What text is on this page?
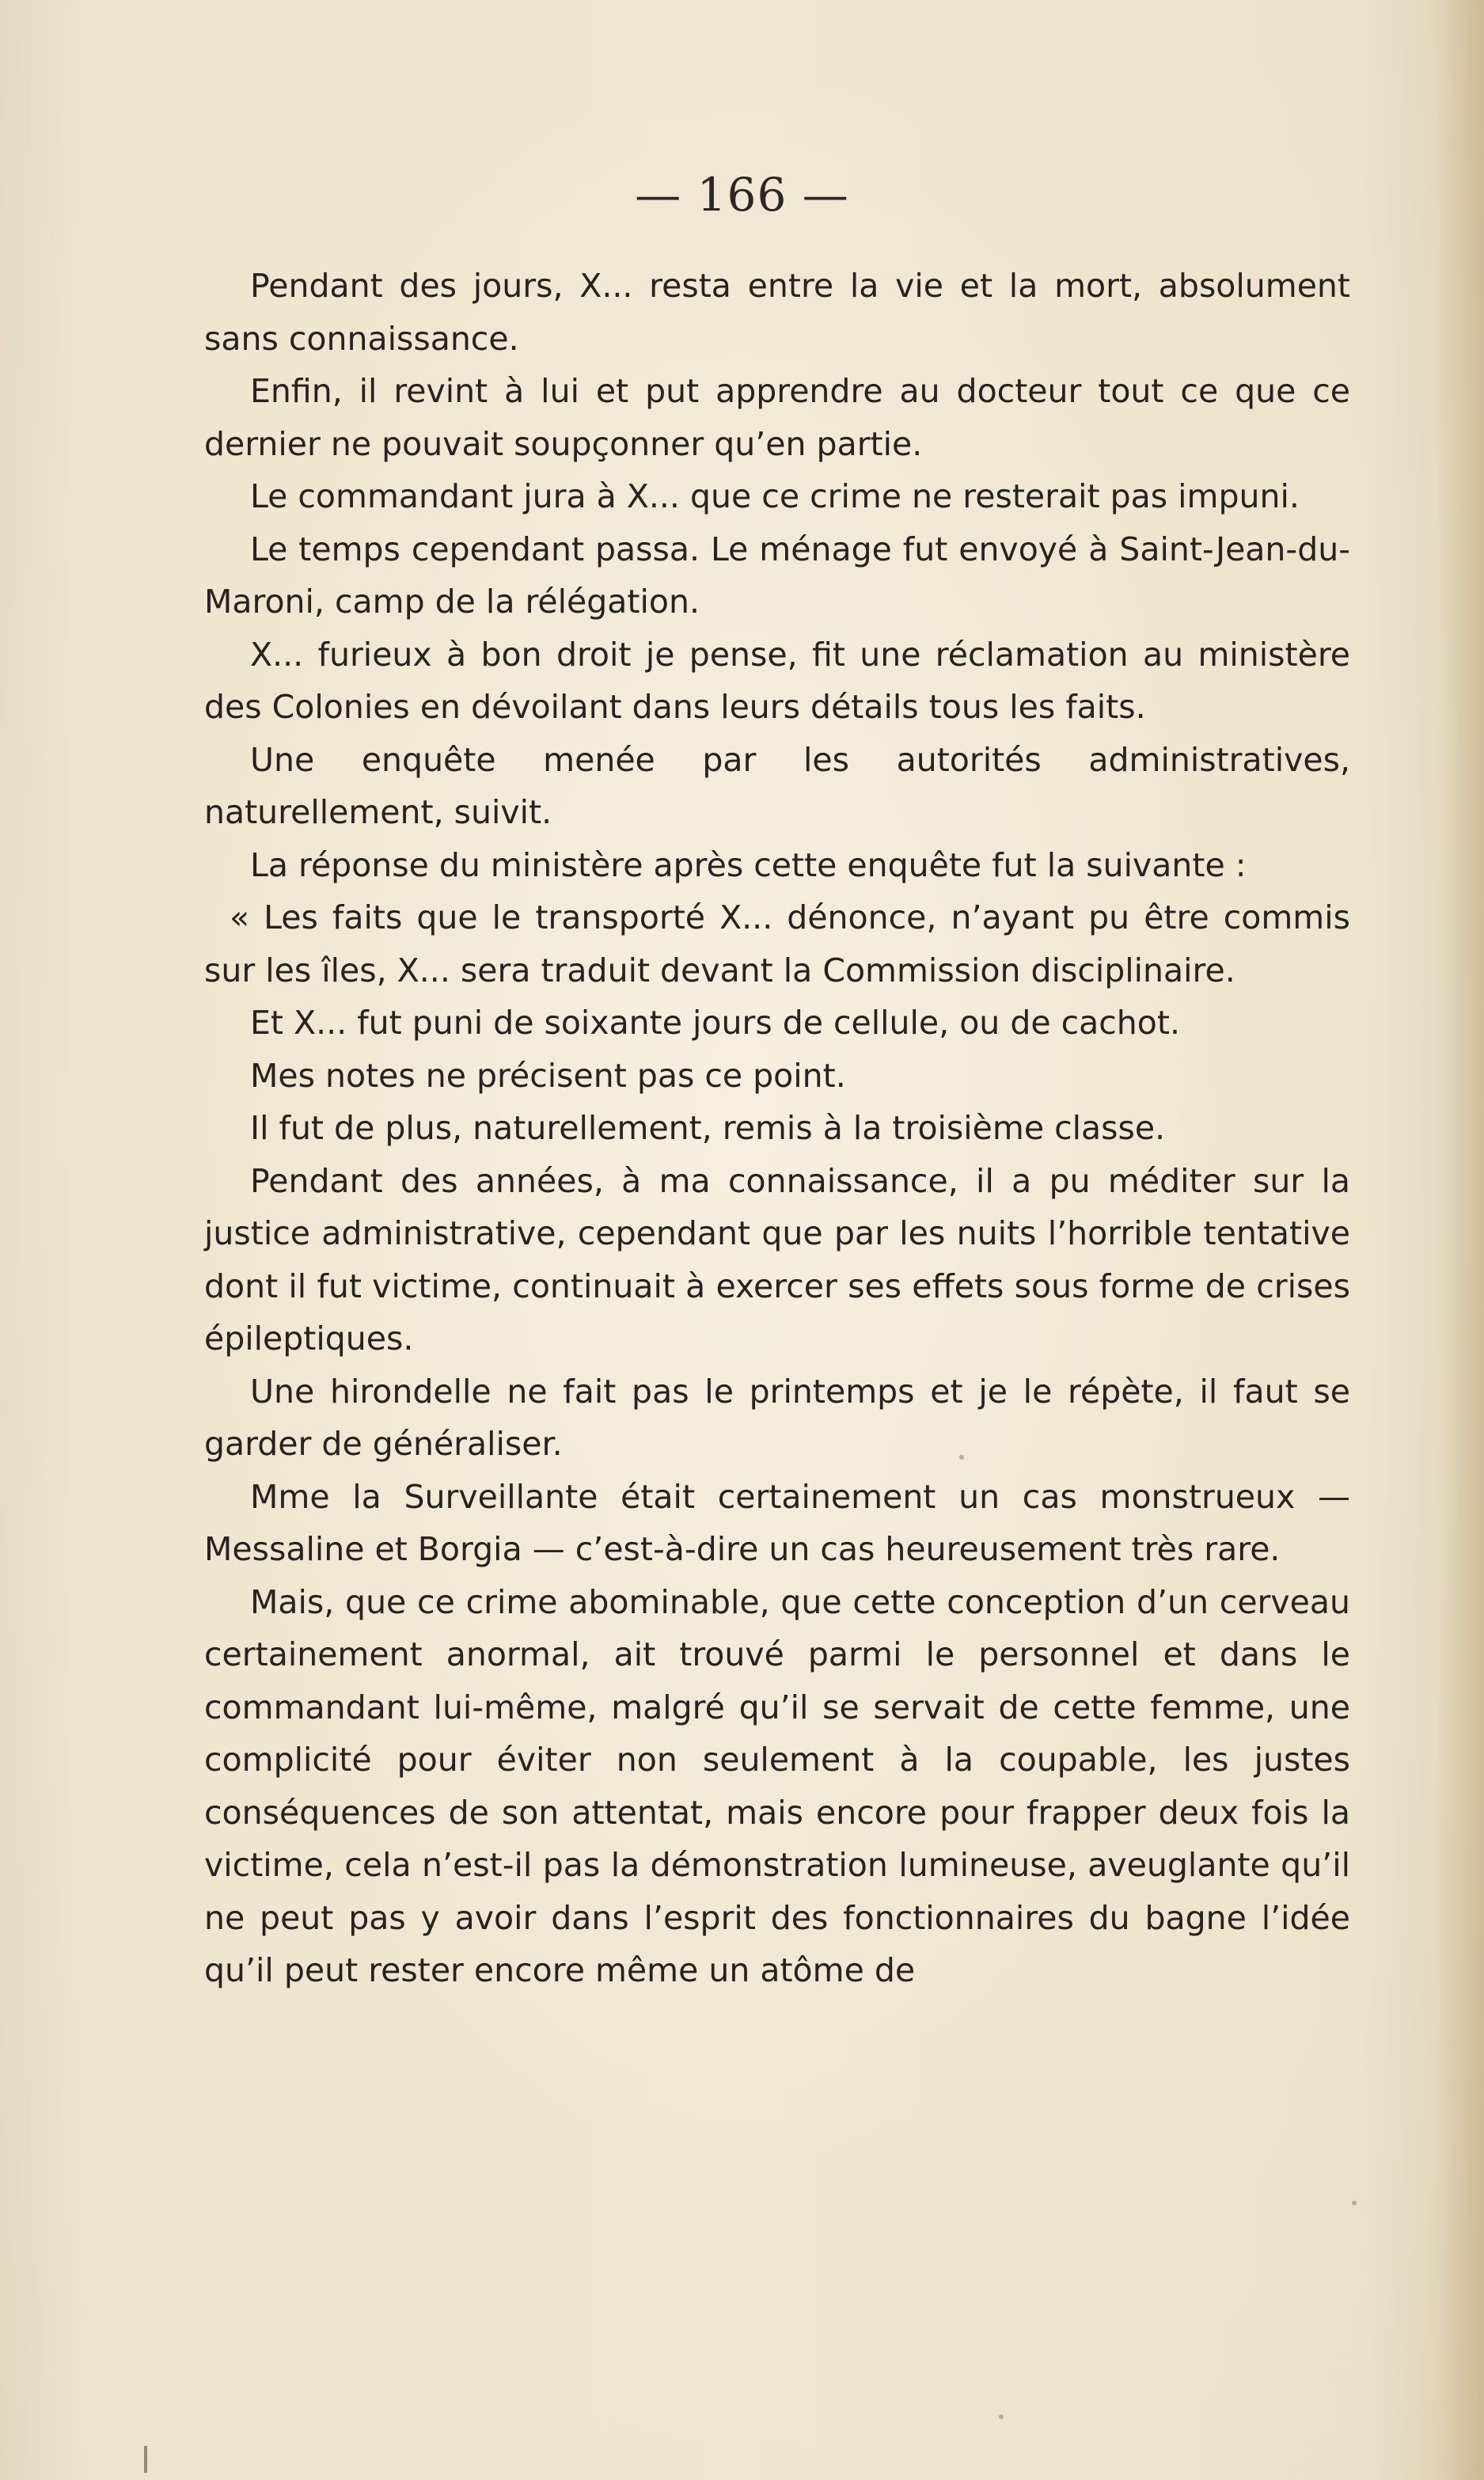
— 166 —

Pendant des jours, X... resta entre la vie et la mort, absolument sans connaissance.

Enfin, il revint à lui et put apprendre au docteur tout ce que ce dernier ne pouvait soupçonner qu’en partie.

Le commandant jura à X... que ce crime ne resterait pas impuni.

Le temps cependant passa. Le ménage fut envoyé à Saint-Jean-du-Maroni, camp de la rélégation.

X... furieux à bon droit je pense, fit une réclamation au ministère des Colonies en dévoilant dans leurs détails tous les faits.

Une enquête menée par les autorités administratives, naturellement, suivit.

La réponse du ministère après cette enquête fut la suivante :

« Les faits que le transporté X... dénonce, n’ayant pu être commis sur les îles, X... sera traduit devant la Commission disciplinaire.

Et X... fut puni de soixante jours de cellule, ou de cachot.

Mes notes ne précisent pas ce point.

Il fut de plus, naturellement, remis à la troisième classe.

Pendant des années, à ma connaissance, il a pu méditer sur la justice administrative, cependant que par les nuits l’horrible tentative dont il fut victime, continuait à exercer ses effets sous forme de crises épileptiques.

Une hirondelle ne fait pas le printemps et je le répète, il faut se garder de généraliser.

Mme la Surveillante était certainement un cas monstrueux — Messaline et Borgia — c’est-à-dire un cas heureusement très rare.

Mais, que ce crime abominable, que cette conception d’un cerveau certainement anormal, ait trouvé parmi le personnel et dans le commandant lui-même, malgré qu’il se servait de cette femme, une complicité pour éviter non seulement à la coupable, les justes conséquences de son attentat, mais encore pour frapper deux fois la victime, cela n’est-il pas la démonstration lumineuse, aveuglante qu’il ne peut pas y avoir dans l’esprit des fonctionnaires du bagne l’idée qu’il peut rester encore même un atôme de
